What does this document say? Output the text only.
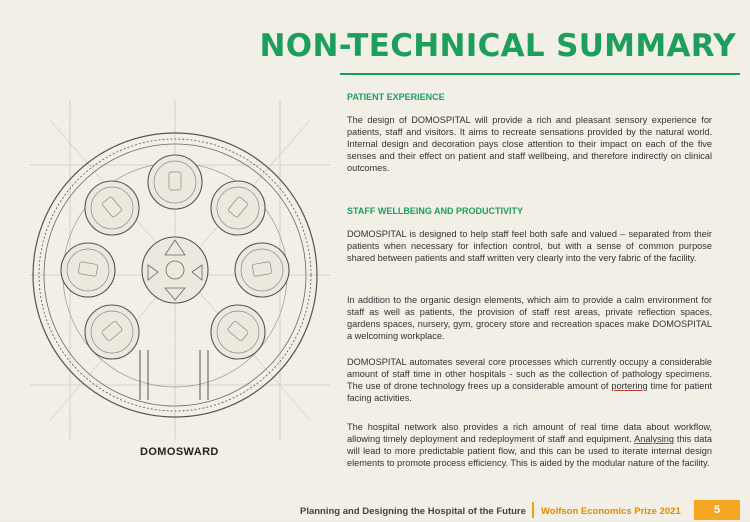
NON-TECHNICAL SUMMARY
DOMOSWARD
PATIENT EXPERIENCE

The design of DOMOSPITAL will provide a rich and pleasant sensory experience for patients, staff and visitors. It aims to recreate sensations provided by the natural world. Internal design and decoration pays close attention to their impact on each of the five senses and their effect on patient and staff wellbeing, and therefore indirectly on clinical outcomes.

STAFF WELLBEING AND PRODUCTIVITY

DOMOSPITAL is designed to help staff feel both safe and valued – separated from their patients when necessary for infection control, but with a sense of common purpose shared between patients and staff written very clearly into the very fabric of the facility.

In addition to the organic design elements, which aim to provide a calm environment for staff as well as patients, the provision of staff rest areas, private reflection spaces, gardens spaces, nursery, gym, grocery store and recreation spaces make DOMOSPITAL a welcoming workplace.

DOMOSPITAL automates several core processes which currently occupy a considerable amount of staff time in other hospitals - such as the collection of pathology specimens. The use of drone technology frees up a considerable amount of portering time for patient facing activities.

The hospital network also provides a rich amount of real time data about workflow, allowing timely deployment and redeployment of staff and equipment. Analysing this data will lead to more predictable patient flow, and this can be used to iterate internal design elements to promote process efficiency. This is aided by the modular nature of the facility.

Planning and Designing the Hospital of the Future Wolfson Economics Prize 2021	5
